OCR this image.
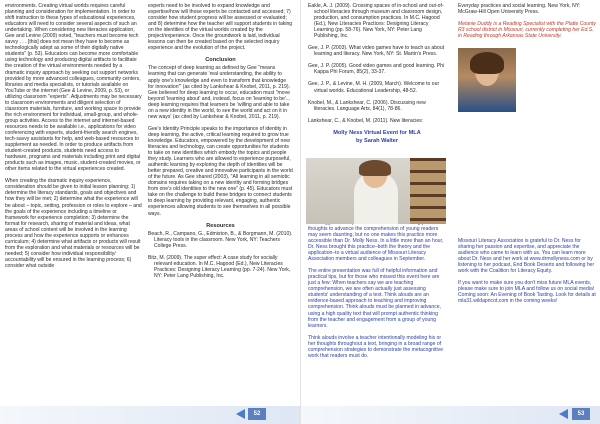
environments. Creating virtual worlds requires careful planning and consideration for implementation. In order to shift instruction to these types of educational experiences, educators will need to consider several aspects of such an undertaking. When considering new literacies application, Gee and Levine (2009) noted, "teachers must become tech savvy . . . [this] does not mean they have to become as technologically adept as some of their digitally native students" (p. 53). Educators can become more comfortable using technology and producing digital artifacts to facilitate the creation of the virtual environments needed by a dramatic inquiry approach by seeking out support networks provided by more advanced colleagues, community centers, libraries and media specialists, or tutorials available on YouTube or the internet (Gee & Levine, 2009, p. 53), or utilizing classroom "experts". Adjustments may be necessary to classroom environments and diligent selection of classroom materials, furniture, and working space to provide the rich environment for individual, small-group, and whole-group activities. Access to the internet and internet-based resources needs to be available i.e., applications for video conferencing with experts, student-friendly search engines, tech-savvy assistants for help, and web-based resources to supplement as needed. In order to produce artifacts from student-created products, students need access to hardware, programs and materials including print and digital products such as images, music, student-created movies, or other items related to the virtual experiences created.

When creating the dramatic inquiry experience, consideration should be given to initial lesson planning: 1) determine the literacy standards, goals and objectives and how they will be met; 2) determine what the experience will be about – topic, setting, profession or roles to explore – and the goals of the experience including a timeline or framework for experience completion; 3) determine the format for research, sharing of material and ideas, what areas of school content will be involved in the learning process and how the experience supports or enhances curriculum; 4) determine what artifacts or products will result from the exploration and what materials or resources will be needed; 5) consider how individual responsibility/ accountability will be ensured in the learning process; 6) consider what outside

experts need to be involved to expand knowledge and expertise/how will those experts be contacted and accessed; 7) consider how student progress will be assessed or evaluated; and 8) determine how the teacher will support students in taking on the identities of the virtual worlds created by the project/experience. Once the groundwork is laid, individual lessons can then be created based on the selected inquiry experience and the evolution of the project.

Conclusion

The concept of deep learning as defined by Gee "means learning that can generate 'real understanding, the ability to apply one's knowledge and even to transform that knowledge for innovation'" (as cited by Lankshear & Knobel, 2011, p. 219). Gee believed for deep learning to occur, education must "move beyond 'learning about' and, instead, focus on 'learning to be'... deep learning requires that learners be 'willing and able to take on a new identity in the world, to see the world and act on it in new ways' (as cited by Lankshear & Knobel, 2011, p. 219).

Gee's Identity Principle speaks to the importance of identity in deep learning, the active, critical learning required to grow true knowledge. Educators, empowered by the development of new literacies and technology, can create opportunities for students to take on new identities which embody the topics and people they study. Learners who are allowed to experience purposeful, authentic learning by exploring the depth of identities will be better prepared, creative and innovative participants in the world of the future. As Gee shared (2003), "All learning in all semiotic domains requires taking on a new identity and forming bridges from one's old identities to the new one" (p. 45). Educators must take on the challenge to build these bridges to connect students to deep learning by providing relevant, engaging, authentic experiences allowing students to see themselves in all possible ways.

Resources

Beach, R., Campano, G., Edmiston, B., & Borgmann, M. (2010). Literacy tools in the classroom. New York, NY: Teachers College Press.

Bitz, M. (2009). The super effect: A case study for socially relevant education. In M.C. Hagood (Ed.), New Literacies Practices: Designing Literacy Learning (pp. 7-24). New York, NY: Peter Lang Publishing, Inc.

52

Eakle, A. J. (2009). Crossing spaces of in-school and out-of-school literacies through museum and classroom design, production, and consumption practices. In M.C. Hagood (Ed.), New Literacies Practices: Designing Literacy Learning (pp. 58-76). New York, NY: Peter Lang Publishing, Inc.

Gee, J. P. (2003). What video games have to teach us about learning and literacy. New York, NY: St. Martin's Press.

Gee, J. P. (2005). Good video games and good learning. Phi Kappa Phi Forum, 85(2), 33-37.

Gee, J. P., & Levine, M. H. (2009, March). Welcome to our virtual worlds. Educational Leadership, 48-52.

Knobel, M., & Lankshear, C. (2006). Discussing new literacies. Language Arts, 84(1), 78-86.

Lankshear, C., & Knobel, M. (2011). New literacies:

Molly Ness Virtual Event for MLA
by Sarah Walter

thoughts to advance the comprehension of young readers may seem daunting, but no one makes this practice more accessible than Dr. Molly Ness. In a little more than an hour, Dr. Ness brought this practice–both the theory and the application–to a virtual audience of Missouri Literacy Association members and colleagues in September.

The entire presentation was full of helpful information and practical tips, but for those who missed this event here are just a few: When teachers say we are teaching comprehension, we are often actually just assessing students' understanding of a text. Think alouds are an evidence-based approach to teaching and improving comprehension. Think alouds must be planned in advance, using a high quality text that will prompt authentic thinking from the teacher and engagement from a group of young learners.

Think alouds involve a teacher intentionally modeling his or her thoughts throughout a text, bringing in a broad range of comprehension strategies to demonstrate the metacognitive work that readers must do.

Everyday practices and social learning. New York, NY: McGraw-Hill Open University Press.

Melanie Duddy is a Reading Specialist with the Platte County R3 school district in Missouri, currently completing her Ed.S. in Reading through Arkansas State University.

Missouri Literacy Association is grateful to Dr. Ness for sharing her passion and expertise, and appreciate the audience who came to learn with us. You can learn more about Dr. Ness and her work at www.drmollyness.com or by listening to her podcast, End Book Deserts and following her work with the Coalition for Literacy Equity.

If you want to make sure you don't miss future MLA events, please make sure to join MLA and follow us on social media! Coming soon: An Evening of Book Tasting. Look for details at mla31.wildapricot.com in the coming weeks!

53
